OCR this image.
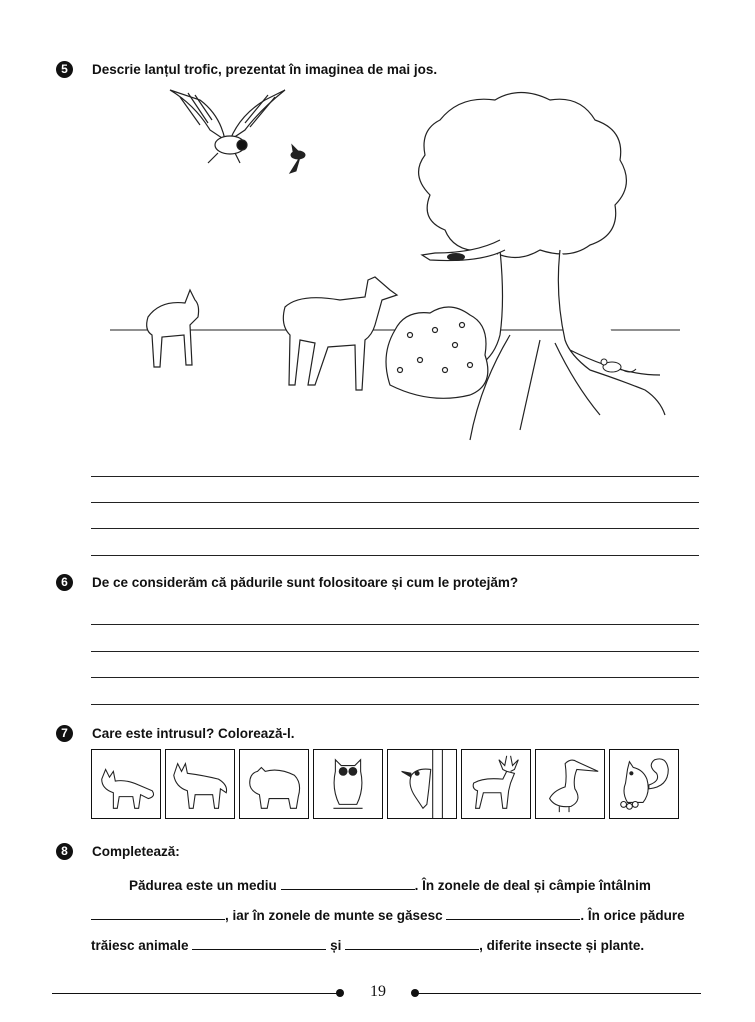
5	Descrie lanțul trofic, prezentat în imaginea de mai jos.
6	De ce considerăm că pădurile sunt folositoare și cum le protejăm?
7	Care este intrusul? Colorează-l.
8	Completează:
Pădurea este un mediu	. În zonele de deal și câmpie întâlnim
, iar în zonele de munte se găsesc	. În orice pădure
trăiesc animale	și	, diferite insecte și plante.
19
